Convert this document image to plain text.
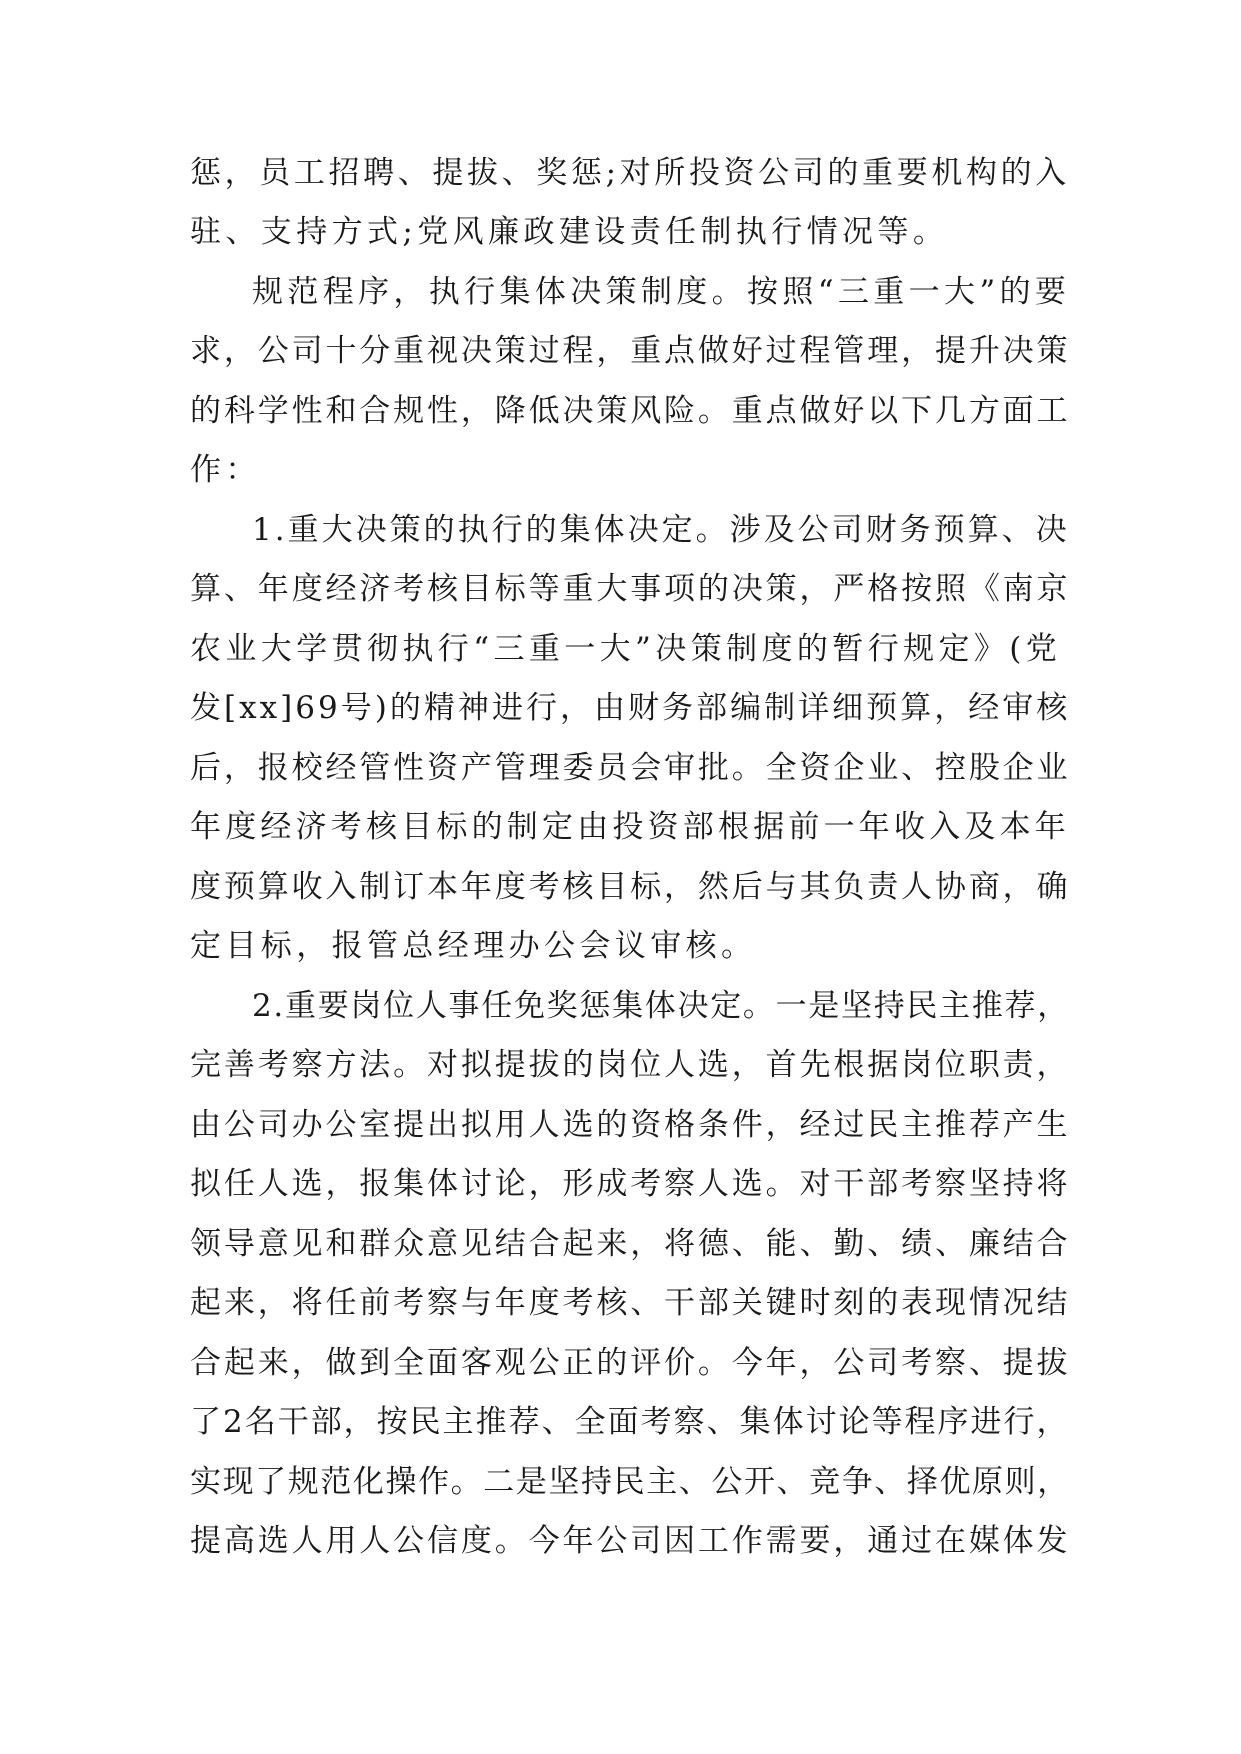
惩，员工招聘、提拔、奖惩;对所投资公司的重要机构的入

驻、支持方式;党风廉政建设责任制执行情况等。

规范程序，执行集体决策制度。按照“三重一大”的要

求，公司十分重视决策过程，重点做好过程管理，提升决策

的科学性和合规性，降低决策风险。重点做好以下几方面工

作：

1.重大决策的执行的集体决定。涉及公司财务预算、决

算、年度经济考核目标等重大事项的决策，严格按照《南京

农业大学贯彻执行“三重一大”决策制度的暂行规定》(党

发[xx]69号)的精神进行，由财务部编制详细预算，经审核

后，报校经管性资产管理委员会审批。全资企业、控股企业

年度经济考核目标的制定由投资部根据前一年收入及本年

度预算收入制订本年度考核目标，然后与其负责人协商，确

定目标，报管总经理办公会议审核。

2.重要岗位人事任免奖惩集体决定。一是坚持民主推荐，

完善考察方法。对拟提拔的岗位人选，首先根据岗位职责，

由公司办公室提出拟用人选的资格条件，经过民主推荐产生

拟任人选，报集体讨论，形成考察人选。对干部考察坚持将

领导意见和群众意见结合起来，将德、能、勤、绩、廉结合

起来，将任前考察与年度考核、干部关键时刻的表现情况结

合起来，做到全面客观公正的评价。今年，公司考察、提拔

了2名干部，按民主推荐、全面考察、集体讨论等程序进行，

实现了规范化操作。二是坚持民主、公开、竞争、择优原则，

提高选人用人公信度。今年公司因工作需要，通过在媒体发
